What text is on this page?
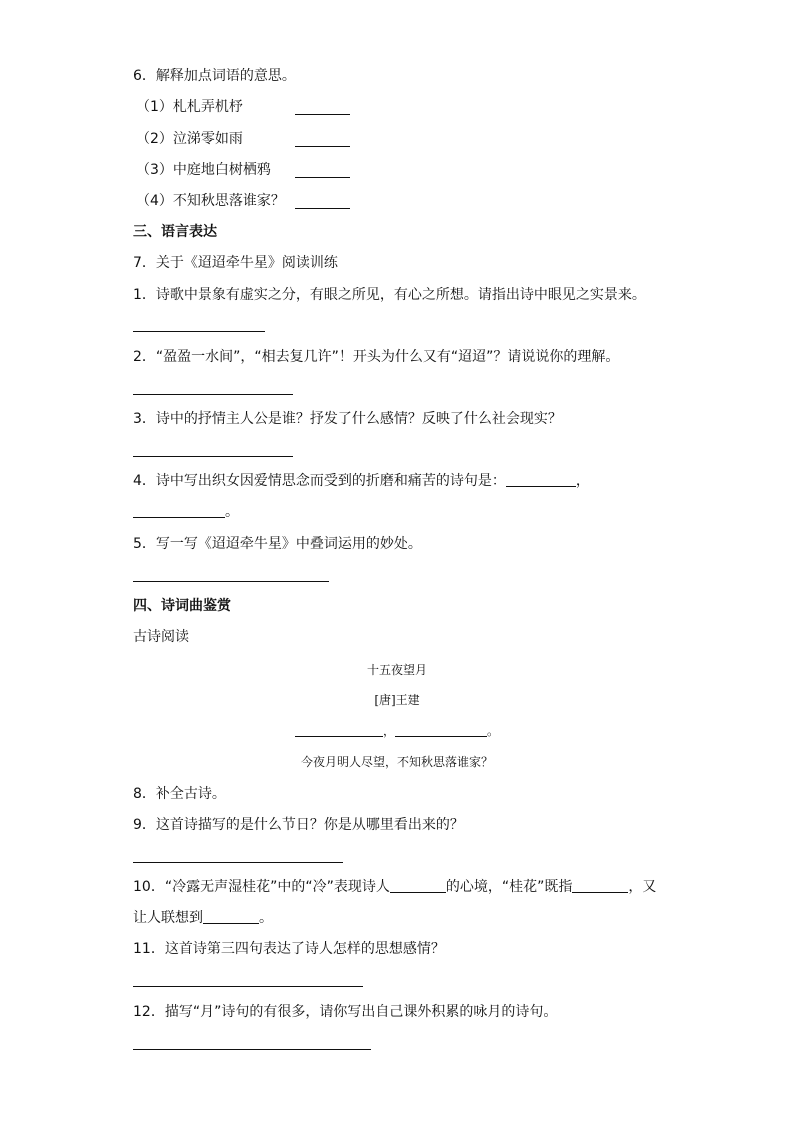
6．解释加点词语的意思。
（1）札札弄机杼
（2）泣涕零如雨
（3）中庭地白树栖鸦
（4）不知秋思落谁家？
三、语言表达
7．关于《迢迢牵牛星》阅读训练
1．诗歌中景象有虚实之分，有眼之所见，有心之所想。请指出诗中眼见之实景来。
2．“盈盈一水间”，“相去复几许”！开头为什么又有“迢迢”？请说说你的理解。
3．诗中的抒情主人公是谁？抒发了什么感情？反映了什么社会现实？
4．诗中写出织女因爱情思念而受到的折磨和痛苦的诗句是：	，
。
5．写一写《迢迢牵牛星》中叠词运用的妙处。
四、诗词曲鉴赏
古诗阅读
十五夜望月
[唐]王建
，	。
今夜月明人尽望，不知秋思落谁家？
8．补全古诗。
9．这首诗描写的是什么节日？你是从哪里看出来的？
10．“冷露无声湿桂花”中的“冷”表现诗人	的心境，“桂花”既指	，又
让人联想到	。
11．这首诗第三四句表达了诗人怎样的思想感情？
12．描写“月”诗句的有很多，请你写出自己课外积累的咏月的诗句。
